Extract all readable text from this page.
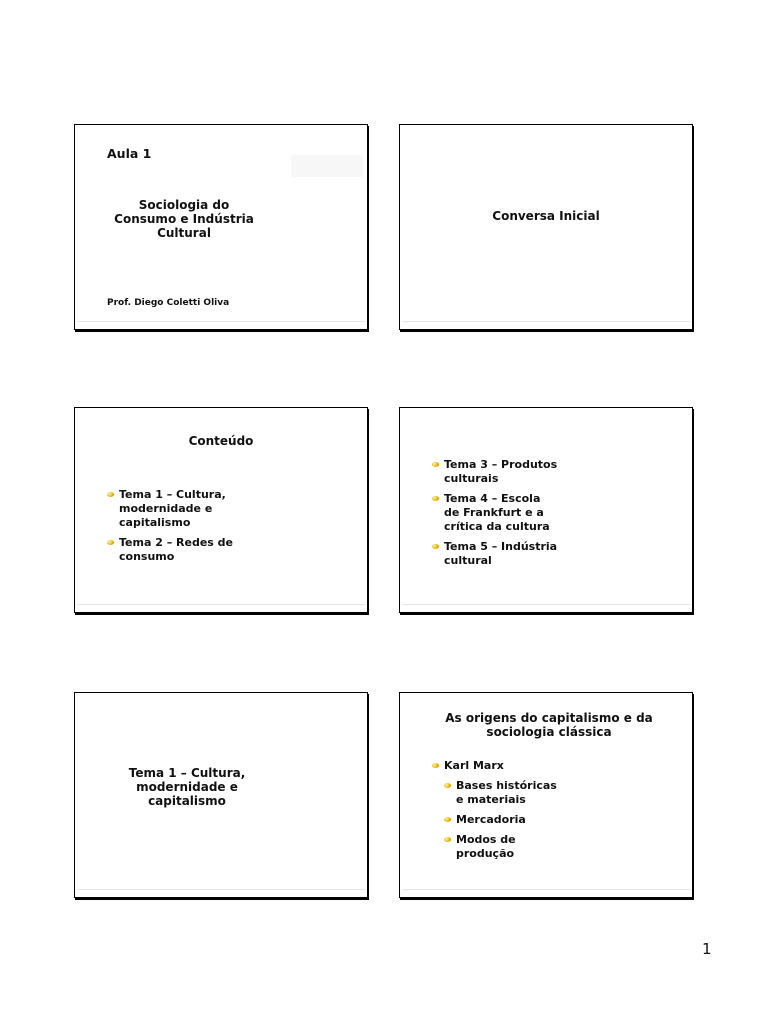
Aula 1
Sociologia do
Consumo e Indústria
Cultural
Prof. Diego Coletti Oliva
Conversa Inicial
Conteúdo
Tema 1 – Cultura,
modernidade e
capitalismo
Tema 2 – Redes de
consumo
Tema 3 – Produtos
culturais
Tema 4 – Escola
de Frankfurt e a
crítica da cultura
Tema 5 – Indústria
cultural
Tema 1 – Cultura,
modernidade e
capitalismo
As origens do capitalismo e da
sociologia clássica
Karl Marx
Bases históricas
e materiais
Mercadoria
Modos de
produção
1
